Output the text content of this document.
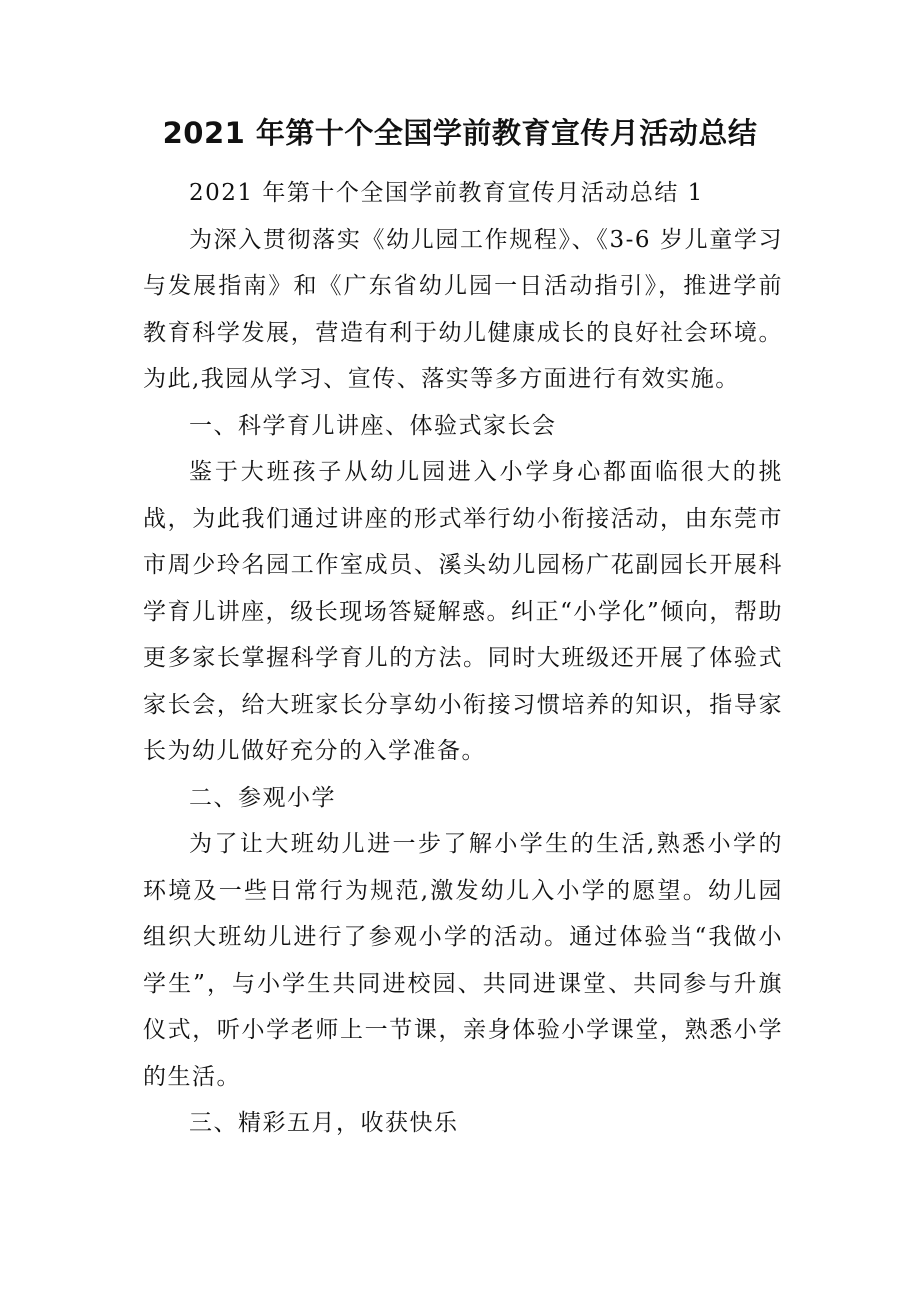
2021 年第十个全国学前教育宣传月活动总结

2021 年第十个全国学前教育宣传月活动总结 1

为深入贯彻落实《幼儿园工作规程》、《3-6 岁儿童学习与发展指南》和《广东省幼儿园一日活动指引》，推进学前教育科学发展，营造有利于幼儿健康成长的良好社会环境。为此,我园从学习、宣传、落实等多方面进行有效实施。

一、科学育儿讲座、体验式家长会

鉴于大班孩子从幼儿园进入小学身心都面临很大的挑战，为此我们通过讲座的形式举行幼小衔接活动，由东莞市市周少玲名园工作室成员、溪头幼儿园杨广花副园长开展科学育儿讲座，级长现场答疑解惑。纠正“小学化”倾向，帮助更多家长掌握科学育儿的方法。同时大班级还开展了体验式家长会，给大班家长分享幼小衔接习惯培养的知识，指导家长为幼儿做好充分的入学准备。

二、参观小学

为了让大班幼儿进一步了解小学生的生活,熟悉小学的环境及一些日常行为规范,激发幼儿入小学的愿望。幼儿园组织大班幼儿进行了参观小学的活动。通过体验当“我做小学生”，与小学生共同进校园、共同进课堂、共同参与升旗仪式，听小学老师上一节课，亲身体验小学课堂，熟悉小学的生活。

三、精彩五月，收获快乐
